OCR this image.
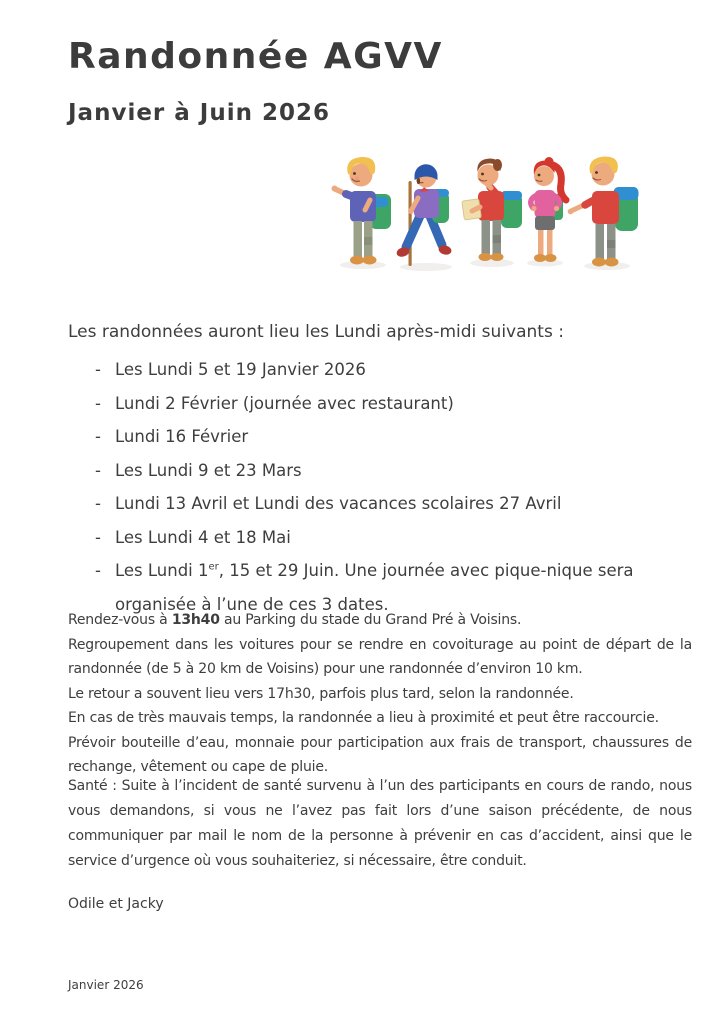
Randonnée AGVV
Janvier à Juin 2026

Les randonnées auront lieu les Lundi après-midi suivants :

- Les Lundi 5 et 19 Janvier 2026
- Lundi 2 Février (journée avec restaurant)
- Lundi 16 Février
- Les Lundi 9 et 23 Mars
- Lundi 13 Avril et Lundi des vacances scolaires 27 Avril
- Les Lundi 4 et 18 Mai
- Les Lundi 1er, 15 et 29 Juin. Une journée avec pique-nique sera organisée à l’une de ces 3 dates.

Rendez-vous à 13h40 au Parking du stade du Grand Pré à Voisins.

Regroupement dans les voitures pour se rendre en covoiturage au point de départ de la randonnée (de 5 à 20 km de Voisins) pour une randonnée d’environ 10 km.

Le retour a souvent lieu vers 17h30, parfois plus tard, selon la randonnée.

En cas de très mauvais temps, la randonnée a lieu à proximité et peut être raccourcie.

Prévoir bouteille d’eau, monnaie pour participation aux frais de transport, chaussures de rechange, vêtement ou cape de pluie.

Santé : Suite à l’incident de santé survenu à l’un des participants en cours de rando, nous vous demandons, si vous ne l’avez pas fait lors d’une saison précédente, de nous communiquer par mail le nom de la personne à prévenir en cas d’accident, ainsi que le service d’urgence où vous souhaiteriez, si nécessaire, être conduit.

Odile et Jacky

Janvier 2026
